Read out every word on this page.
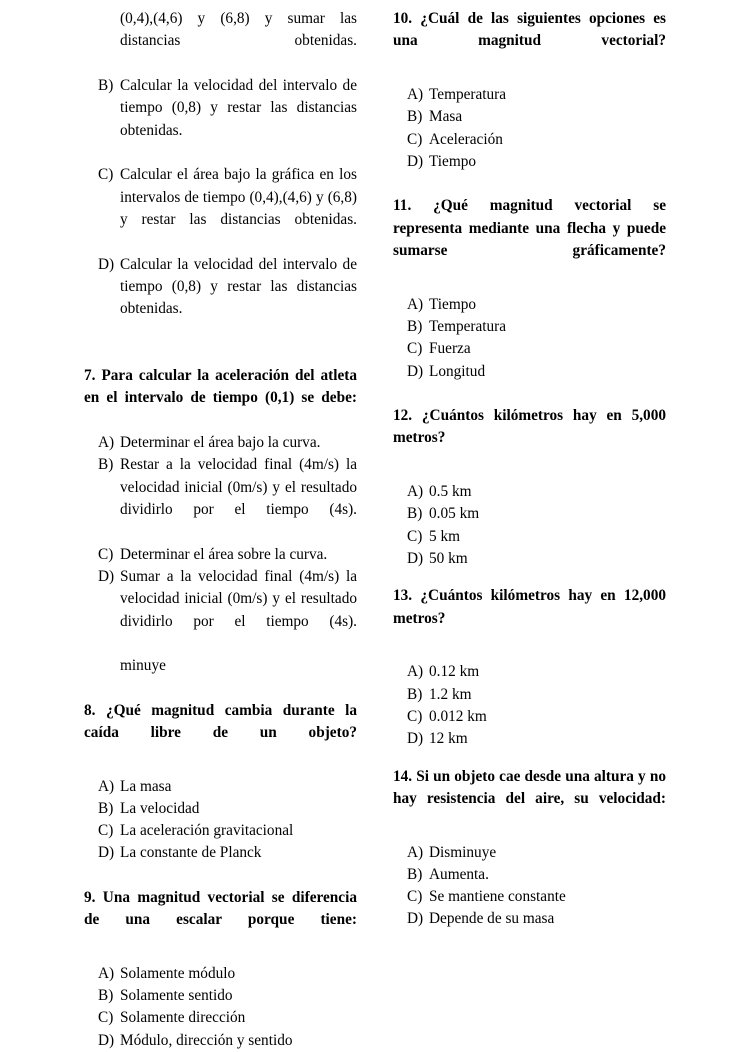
(0,4),(4,6) y (6,8) y sumar las distancias obtenidas.
B) Calcular la velocidad del intervalo de tiempo (0,8) y restar las distancias obtenidas.
C) Calcular el área bajo la gráfica en los intervalos de tiempo (0,4),(4,6) y (6,8) y restar las distancias obtenidas.
D) Calcular la velocidad del intervalo de tiempo (0,8) y restar las distancias obtenidas.

7. Para calcular la aceleración del atleta en el intervalo de tiempo (0,1) se debe:

A) Determinar el área bajo la curva.
B) Restar a la velocidad final (4m/s) la velocidad inicial (0m/s) y el resultado dividirlo por el tiempo (4s).
C) Determinar el área sobre la curva.
D) Sumar a la velocidad final (4m/s) la velocidad inicial (0m/s) y el resultado dividirlo por el tiempo (4s).
minuye

8. ¿Qué magnitud cambia durante la caída libre de un objeto?

A) La masa
B) La velocidad
C) La aceleración gravitacional
D) La constante de Planck

9. Una magnitud vectorial se diferencia de una escalar porque tiene:

A) Solamente módulo
B) Solamente sentido
C) Solamente dirección
D) Módulo, dirección y sentido

10. ¿Cuál de las siguientes opciones es una magnitud vectorial?

A) Temperatura
B) Masa
C) Aceleración
D) Tiempo

11. ¿Qué magnitud vectorial se representa mediante una flecha y puede sumarse gráficamente?

A) Tiempo
B) Temperatura
C) Fuerza
D) Longitud

12. ¿Cuántos kilómetros hay en 5,000 metros?

A) 0.5 km
B) 0.05 km
C) 5 km
D) 50 km

13. ¿Cuántos kilómetros hay en 12,000 metros?

A) 0.12 km
B) 1.2 km
C) 0.012 km
D) 12 km

14. Si un objeto cae desde una altura y no hay resistencia del aire, su velocidad:

A) Disminuye
B) Aumenta.
C) Se mantiene constante
D) Depende de su masa
